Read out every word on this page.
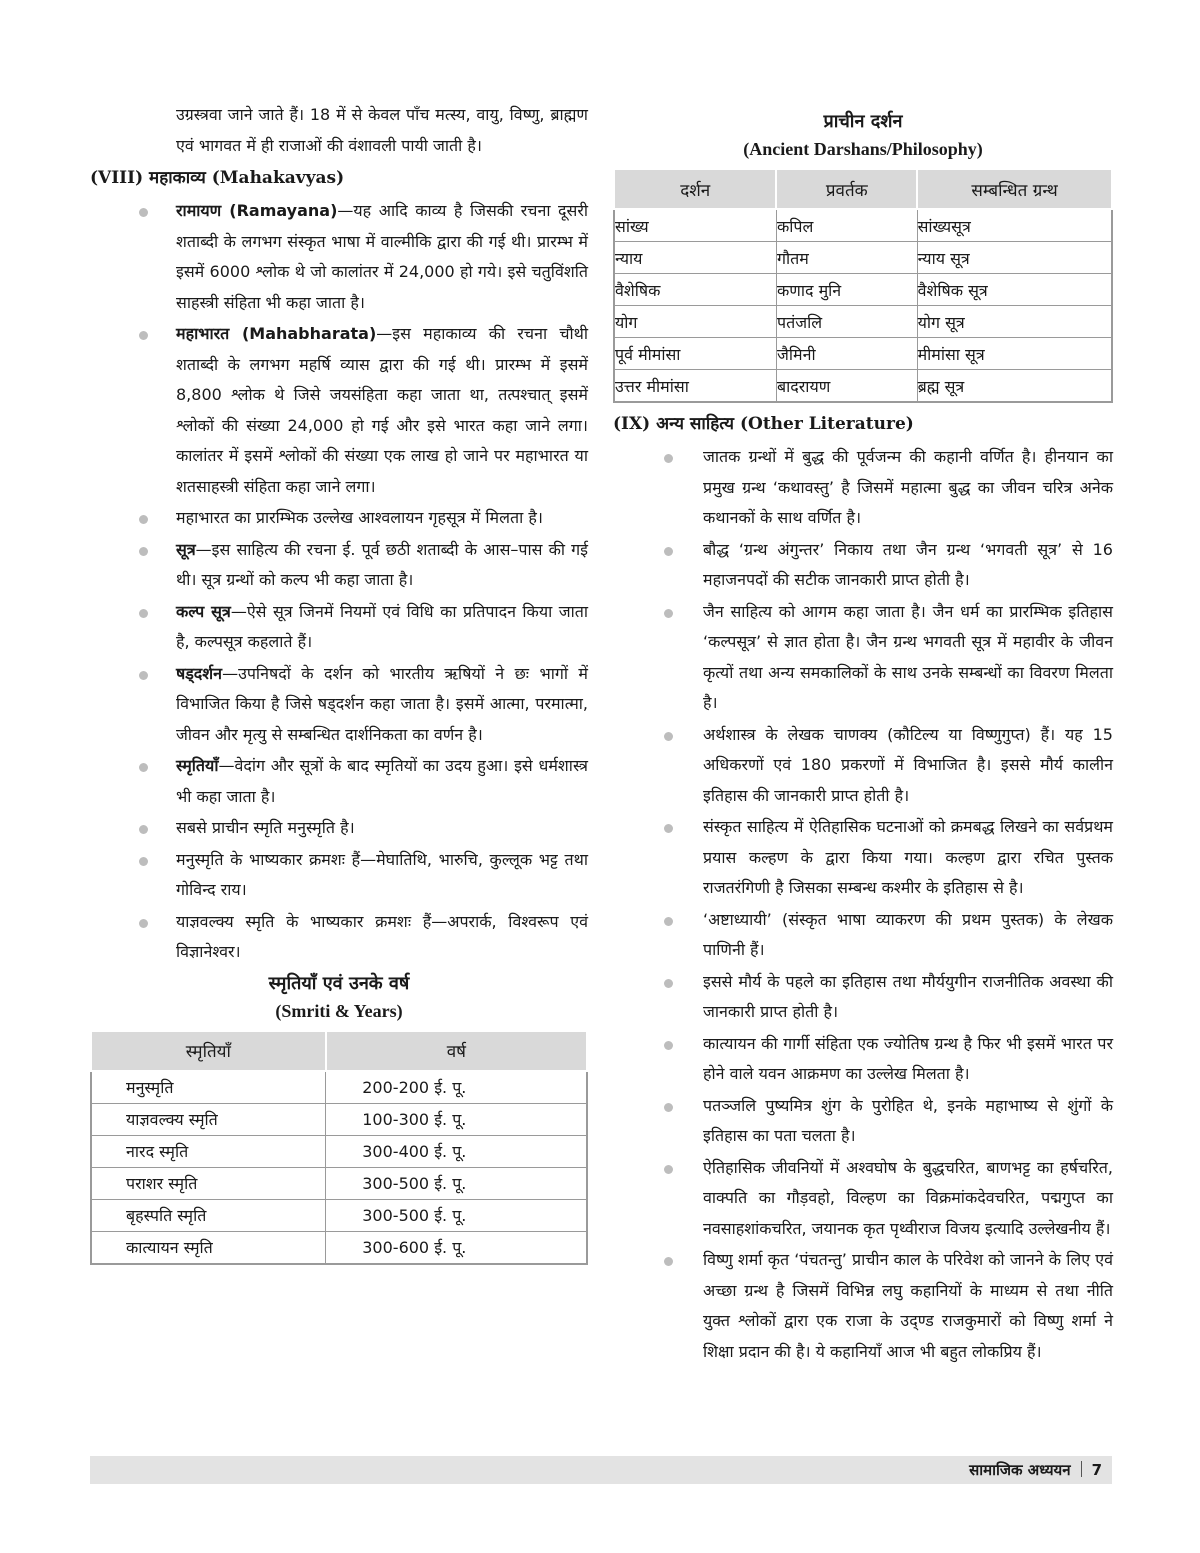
उग्रस्त्रवा जाने जाते हैं। 18 में से केवल पाँच मत्स्य, वायु, विष्णु, ब्राह्मण एवं भागवत में ही राजाओं की वंशावली पायी जाती है।

(VIII) महाकाव्य (Mahakavyas)
रामायण (Ramayana)—यह आदि काव्य है जिसकी रचना दूसरी शताब्दी के लगभग संस्कृत भाषा में वाल्मीकि द्वारा की गई थी। प्रारम्भ में इसमें 6000 श्लोक थे जो कालांतर में 24,000 हो गये। इसे चतुविंशति साहस्त्री संहिता भी कहा जाता है।
महाभारत (Mahabharata)—इस महाकाव्य की रचना चौथी शताब्दी के लगभग महर्षि व्यास द्वारा की गई थी। प्रारम्भ में इसमें 8,800 श्लोक थे जिसे जयसंहिता कहा जाता था, तत्पश्चात् इसमें श्लोकों की संख्या 24,000 हो गई और इसे भारत कहा जाने लगा। कालांतर में इसमें श्लोकों की संख्या एक लाख हो जाने पर महाभारत या शतसाहस्त्री संहिता कहा जाने लगा।
महाभारत का प्रारम्भिक उल्लेख आश्वलायन गृहसूत्र में मिलता है।
सूत्र—इस साहित्य की रचना ई. पूर्व छठी शताब्दी के आस–पास की गई थी। सूत्र ग्रन्थों को कल्प भी कहा जाता है।
कल्प सूत्र—ऐसे सूत्र जिनमें नियमों एवं विधि का प्रतिपादन किया जाता है, कल्पसूत्र कहलाते हैं।
षड्दर्शन—उपनिषदों के दर्शन को भारतीय ऋषियों ने छः भागों में विभाजित किया है जिसे षड्दर्शन कहा जाता है। इसमें आत्मा, परमात्मा, जीवन और मृत्यु से सम्बन्धित दार्शनिकता का वर्णन है।
स्मृतियाँ—वेदांग और सूत्रों के बाद स्मृतियों का उदय हुआ। इसे धर्मशास्त्र भी कहा जाता है।
सबसे प्राचीन स्मृति मनुस्मृति है।
मनुस्मृति के भाष्यकार क्रमशः हैं—मेघातिथि, भारुचि, कुल्लूक भट्ट तथा गोविन्द राय।
याज्ञवल्क्य स्मृति के भाष्यकार क्रमशः हैं—अपरार्क, विश्वरूप एवं विज्ञानेश्वर।
स्मृतियाँ एवं उनके वर्ष
(Smriti & Years)
स्मृतियाँ	वर्ष
मनुस्मृति	200-200 ई. पू.
याज्ञवल्क्य स्मृति	100-300 ई. पू.
नारद स्मृति	300-400 ई. पू.
पराशर स्मृति	300-500 ई. पू.
बृहस्पति स्मृति	300-500 ई. पू.
कात्यायन स्मृति	300-600 ई. पू.
प्राचीन दर्शन
(Ancient Darshans/Philosophy)
दर्शन	प्रवर्तक	सम्बन्धित ग्रन्थ
सांख्य	कपिल	सांख्यसूत्र
न्याय	गौतम	न्याय सूत्र
वैशेषिक	कणाद मुनि	वैशेषिक सूत्र
योग	पतंजलि	योग सूत्र
पूर्व मीमांसा	जैमिनी	मीमांसा सूत्र
उत्तर मीमांसा	बादरायण	ब्रह्म सूत्र
(IX) अन्य साहित्य (Other Literature)
जातक ग्रन्थों में बुद्ध की पूर्वजन्म की कहानी वर्णित है। हीनयान का प्रमुख ग्रन्थ ‘कथावस्तु’ है जिसमें महात्मा बुद्ध का जीवन चरित्र अनेक कथानकों के साथ वर्णित है।
बौद्ध ‘ग्रन्थ अंगुन्तर’ निकाय तथा जैन ग्रन्थ ‘भगवती सूत्र’ से 16 महाजनपदों की सटीक जानकारी प्राप्त होती है।
जैन साहित्य को आगम कहा जाता है। जैन धर्म का प्रारम्भिक इतिहास ‘कल्पसूत्र’ से ज्ञात होता है। जैन ग्रन्थ भगवती सूत्र में महावीर के जीवन कृत्यों तथा अन्य समकालिकों के साथ उनके सम्बन्धों का विवरण मिलता है।
अर्थशास्त्र के लेखक चाणक्य (कौटिल्य या विष्णुगुप्त) हैं। यह 15 अधिकरणों एवं 180 प्रकरणों में विभाजित है। इससे मौर्य कालीन इतिहास की जानकारी प्राप्त होती है।
संस्कृत साहित्य में ऐतिहासिक घटनाओं को क्रमबद्ध लिखने का सर्वप्रथम प्रयास कल्हण के द्वारा किया गया। कल्हण द्वारा रचित पुस्तक राजतरंगिणी है जिसका सम्बन्ध कश्मीर के इतिहास से है।
‘अष्टाध्यायी’ (संस्कृत भाषा व्याकरण की प्रथम पुस्तक) के लेखक पाणिनी हैं।
इससे मौर्य के पहले का इतिहास तथा मौर्ययुगीन राजनीतिक अवस्था की जानकारी प्राप्त होती है।
कात्यायन की गार्गी संहिता एक ज्योतिष ग्रन्थ है फिर भी इसमें भारत पर होने वाले यवन आक्रमण का उल्लेख मिलता है।
पतञ्जलि पुष्यमित्र शुंग के पुरोहित थे, इनके महाभाष्य से शुंगों के इतिहास का पता चलता है।
ऐतिहासिक जीवनियों में अश्वघोष के बुद्धचरित, बाणभट्ट का हर्षचरित, वाक्पति का गौड़वहो, विल्हण का विक्रमांकदेवचरित, पद्मगुप्त का नवसाहशांकचरित, जयानक कृत पृथ्वीराज विजय इत्यादि उल्लेखनीय हैं।
विष्णु शर्मा कृत ‘पंचतन्तु’ प्राचीन काल के परिवेश को जानने के लिए एवं अच्छा ग्रन्थ है जिसमें विभिन्न लघु कहानियों के माध्यम से तथा नीति युक्त श्लोकों द्वारा एक राजा के उद्ण्ड राजकुमारों को विष्णु शर्मा ने शिक्षा प्रदान की है। ये कहानियाँ आज भी बहुत लोकप्रिय हैं।
सामाजिक अध्ययन 7
